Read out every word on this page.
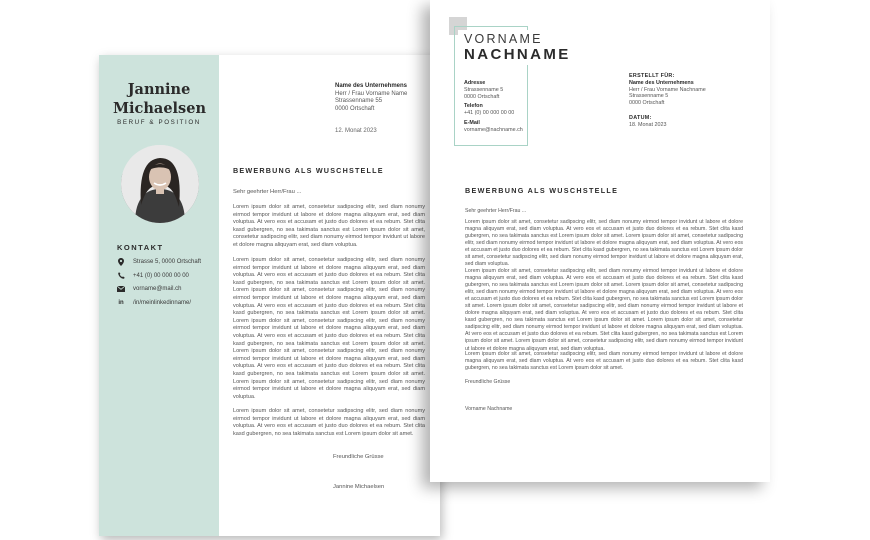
Jannine Michaelsen
BERUF & POSITION
KONTAKT
Strasse 5, 0000 Ortschaft
+41 (0) 00 000 00 00
vorname@mail.ch
in /in/meinlinkedinname/
Name des Unternehmens
Herr / Frau Vorname Name
Strassenname 55
0000 Ortschaft
12. Monat 2023
BEWERBUNG ALS WUSCHSTELLE
Sehr geehrter Herr/Frau ...
Lorem ipsum dolor sit amet, consetetur sadipscing elitr, sed diam nonumy eirmod tempor invidunt ut labore et dolore magna aliquyam erat, sed diam voluptua. At vero eos et accusam et justo duo dolores et ea rebum. Stet clita kasd gubergren, no sea takimata sanctus est Lorem ipsum dolor sit amet, consetetur sadipscing elitr, sed diam nonumy eirmod tempor invidunt ut labore et dolore magna aliquyam erat, sed diam voluptua.
Lorem ipsum dolor sit amet, consetetur sadipscing elitr, sed diam nonumy eirmod tempor invidunt ut labore et dolore magna aliquyam erat, sed diam voluptua. At vero eos et accusam et justo duo dolores et ea rebum. Stet clita kasd gubergren, no sea takimata sanctus est Lorem ipsum dolor sit amet. Lorem ipsum dolor sit amet, consetetur sadipscing elitr, sed diam nonumy eirmod tempor invidunt ut labore et dolore magna aliquyam erat, sed diam voluptua. At vero eos et accusam et justo duo dolores et ea rebum. Stet clita kasd gubergren, no sea takimata sanctus est Lorem ipsum dolor sit amet. Lorem ipsum dolor sit amet, consetetur sadipscing elitr, sed diam nonumy eirmod tempor invidunt ut labore et dolore magna aliquyam erat, sed diam voluptua. At vero eos et accusam et justo duo dolores et ea rebum. Stet clita kasd gubergren, no sea takimata sanctus est Lorem ipsum dolor sit amet. Lorem ipsum dolor sit amet, consetetur sadipscing elitr, sed diam nonumy eirmod tempor invidunt ut labore et dolore magna aliquyam erat, sed diam voluptua. At vero eos et accusam et justo duo dolores et ea rebum. Stet clita kasd gubergren, no sea takimata sanctus est Lorem ipsum dolor sit amet. Lorem ipsum dolor sit amet, consetetur sadipscing elitr, sed diam nonumy eirmod tempor invidunt ut labore et dolore magna aliquyam erat, sed diam voluptua.
Lorem ipsum dolor sit amet, consetetur sadipscing elitr, sed diam nonumy eirmod tempor invidunt ut labore et dolore magna aliquyam erat, sed diam voluptua. At vero eos et accusam et justo duo dolores et ea rebum. Stet clita kasd gubergren, no sea takimata sanctus est Lorem ipsum dolor sit amet.
Freundliche Grüsse
Jannine Michaelsen
VORNAME
NACHNAME
Adresse
Strassenname 5
0000 Ortschaft
Telefon
+41 (0) 00 000 00 00
E-Mail
vorname@nachname.ch
ERSTELLT FÜR:
Name des Unternehmens
Herr / Frau Vorname Nachname
Strassenname 5
0000 Ortschaft
DATUM:
18. Monat 2023
BEWERBUNG ALS WUSCHSTELLE
Sehr geehrter Herr/Frau ...
Lorem ipsum dolor sit amet, consetetur sadipscing elitr, sed diam nonumy eirmod tempor invidunt ut labore et dolore magna aliquyam erat, sed diam voluptua. At vero eos et accusam et justo duo dolores et ea rebum. Stet clita kasd gubergren, no sea takimata sanctus est Lorem ipsum dolor sit amet. Lorem ipsum dolor sit amet, consetetur sadipscing elitr, sed diam nonumy eirmod tempor invidunt ut labore et dolore magna aliquyam erat, sed diam voluptua. At vero eos et accusam et justo duo dolores et ea rebum. Stet clita kasd gubergren, no sea takimata sanctus est Lorem ipsum dolor sit amet, consetetur sadipscing elitr, sed diam nonumy eirmod tempor invidunt ut labore et dolore magna aliquyam erat, sed diam voluptua.
Lorem ipsum dolor sit amet, consetetur sadipscing elitr, sed diam nonumy eirmod tempor invidunt ut labore et dolore magna aliquyam erat, sed diam voluptua. At vero eos et accusam et justo duo dolores et ea rebum. Stet clita kasd gubergren, no sea takimata sanctus est Lorem ipsum dolor sit amet. Lorem ipsum dolor sit amet, consetetur sadipscing elitr, sed diam nonumy eirmod tempor invidunt ut labore et dolore magna aliquyam erat, sed diam voluptua. At vero eos et accusam et justo duo dolores et ea rebum. Stet clita kasd gubergren, no sea takimata sanctus est Lorem ipsum dolor sit amet. Lorem ipsum dolor sit amet, consetetur sadipscing elitr, sed diam nonumy eirmod tempor invidunt ut labore et dolore magna aliquyam erat, sed diam voluptua. At vero eos et accusam et justo duo dolores et ea rebum. Stet clita kasd gubergren, no sea takimata sanctus est Lorem ipsum dolor sit amet. Lorem ipsum dolor sit amet, consetetur sadipscing elitr, sed diam nonumy eirmod tempor invidunt ut labore et dolore magna aliquyam erat, sed diam voluptua. At vero eos et accusam et justo duo dolores et ea rebum. Stet clita kasd gubergren, no sea takimata sanctus est Lorem ipsum dolor sit amet. Lorem ipsum dolor sit amet, consetetur sadipscing elitr, sed diam nonumy eirmod tempor invidunt ut labore et dolore magna aliquyam erat, sed diam voluptua.
Lorem ipsum dolor sit amet, consetetur sadipscing elitr, sed diam nonumy eirmod tempor invidunt ut labore et dolore magna aliquyam erat, sed diam voluptua. At vero eos et accusam et justo duo dolores et ea rebum. Stet clita kasd gubergren, no sea takimata sanctus est Lorem ipsum dolor sit amet.
Freundliche Grüsse
Vorname Nachname
